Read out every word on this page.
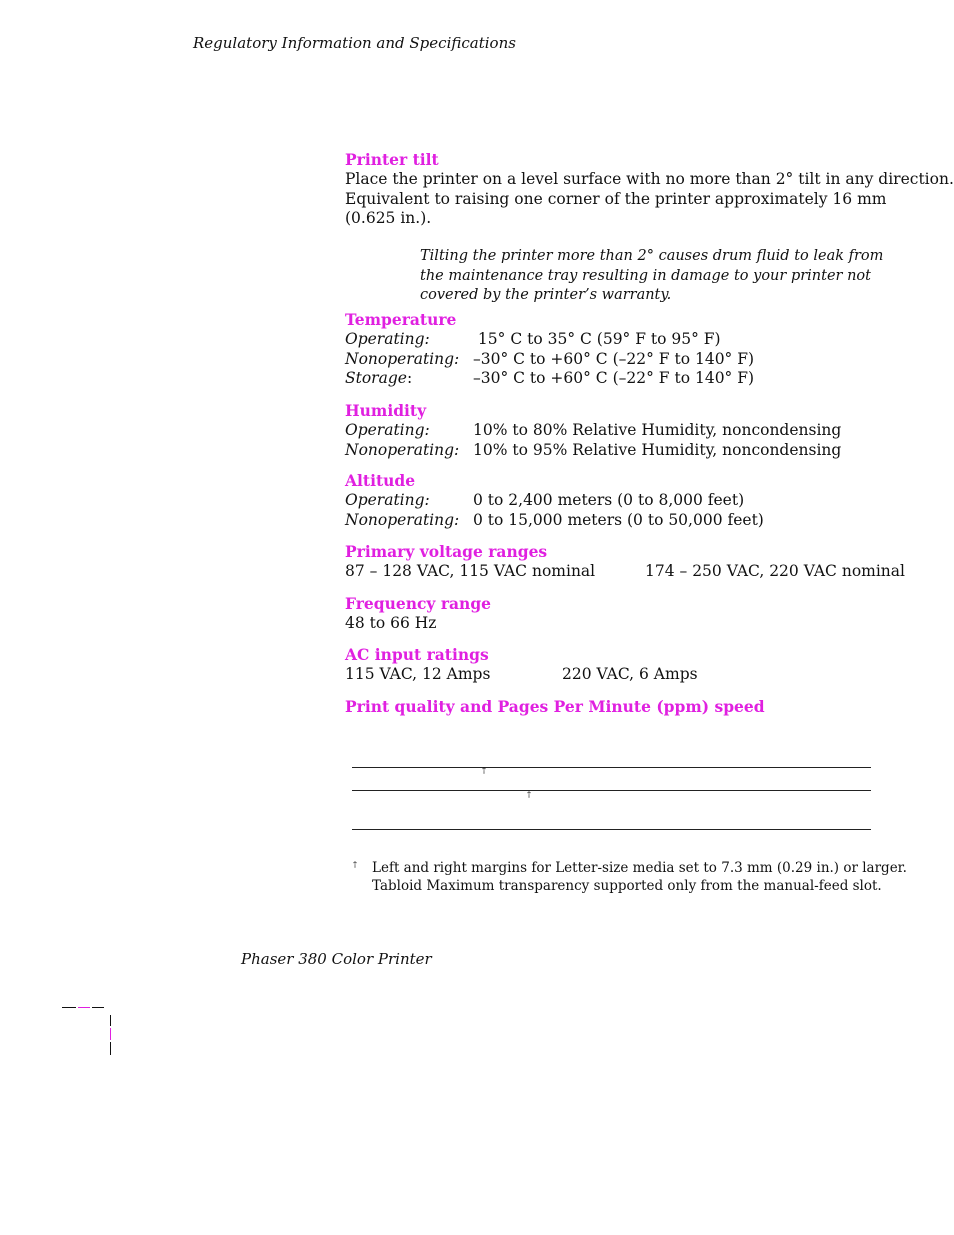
Regulatory Information and Specifications
Printer tilt
Place the printer on a level surface with no more than 2° tilt in any direction.
Equivalent to raising one corner of the printer approximately 16 mm
(0.625 in.).
Tilting the printer more than 2° causes drum fluid to leak from
the maintenance tray resulting in damage to your printer not
covered by the printer’s warranty.
Temperature
Operating:	15° C to 35° C (59° F to 95° F)
Nonoperating: –30° C to +60° C (–22° F to 140° F)
Storage:	–30° C to +60° C (–22° F to 140° F)
Humidity
Operating:	10% to 80% Relative Humidity, noncondensing
Nonoperating: 10% to 95% Relative Humidity, noncondensing
Altitude
Operating:	0 to 2,400 meters (0 to 8,000 feet)
Nonoperating: 0 to 15,000 meters (0 to 50,000 feet)
Primary voltage ranges
87 – 128 VAC, 115 VAC nominal	174 – 250 VAC, 220 VAC nominal
Frequency range
48 to 66 Hz
AC input ratings
115 VAC, 12 Amps	220 VAC, 6 Amps
Print quality and Pages Per Minute (ppm) speed
†
†
† Left and right margins for Letter-size media set to 7.3 mm (0.29 in.) or larger.
Tabloid Maximum transparency supported only from the manual-feed slot.
Phaser 380 Color Printer
